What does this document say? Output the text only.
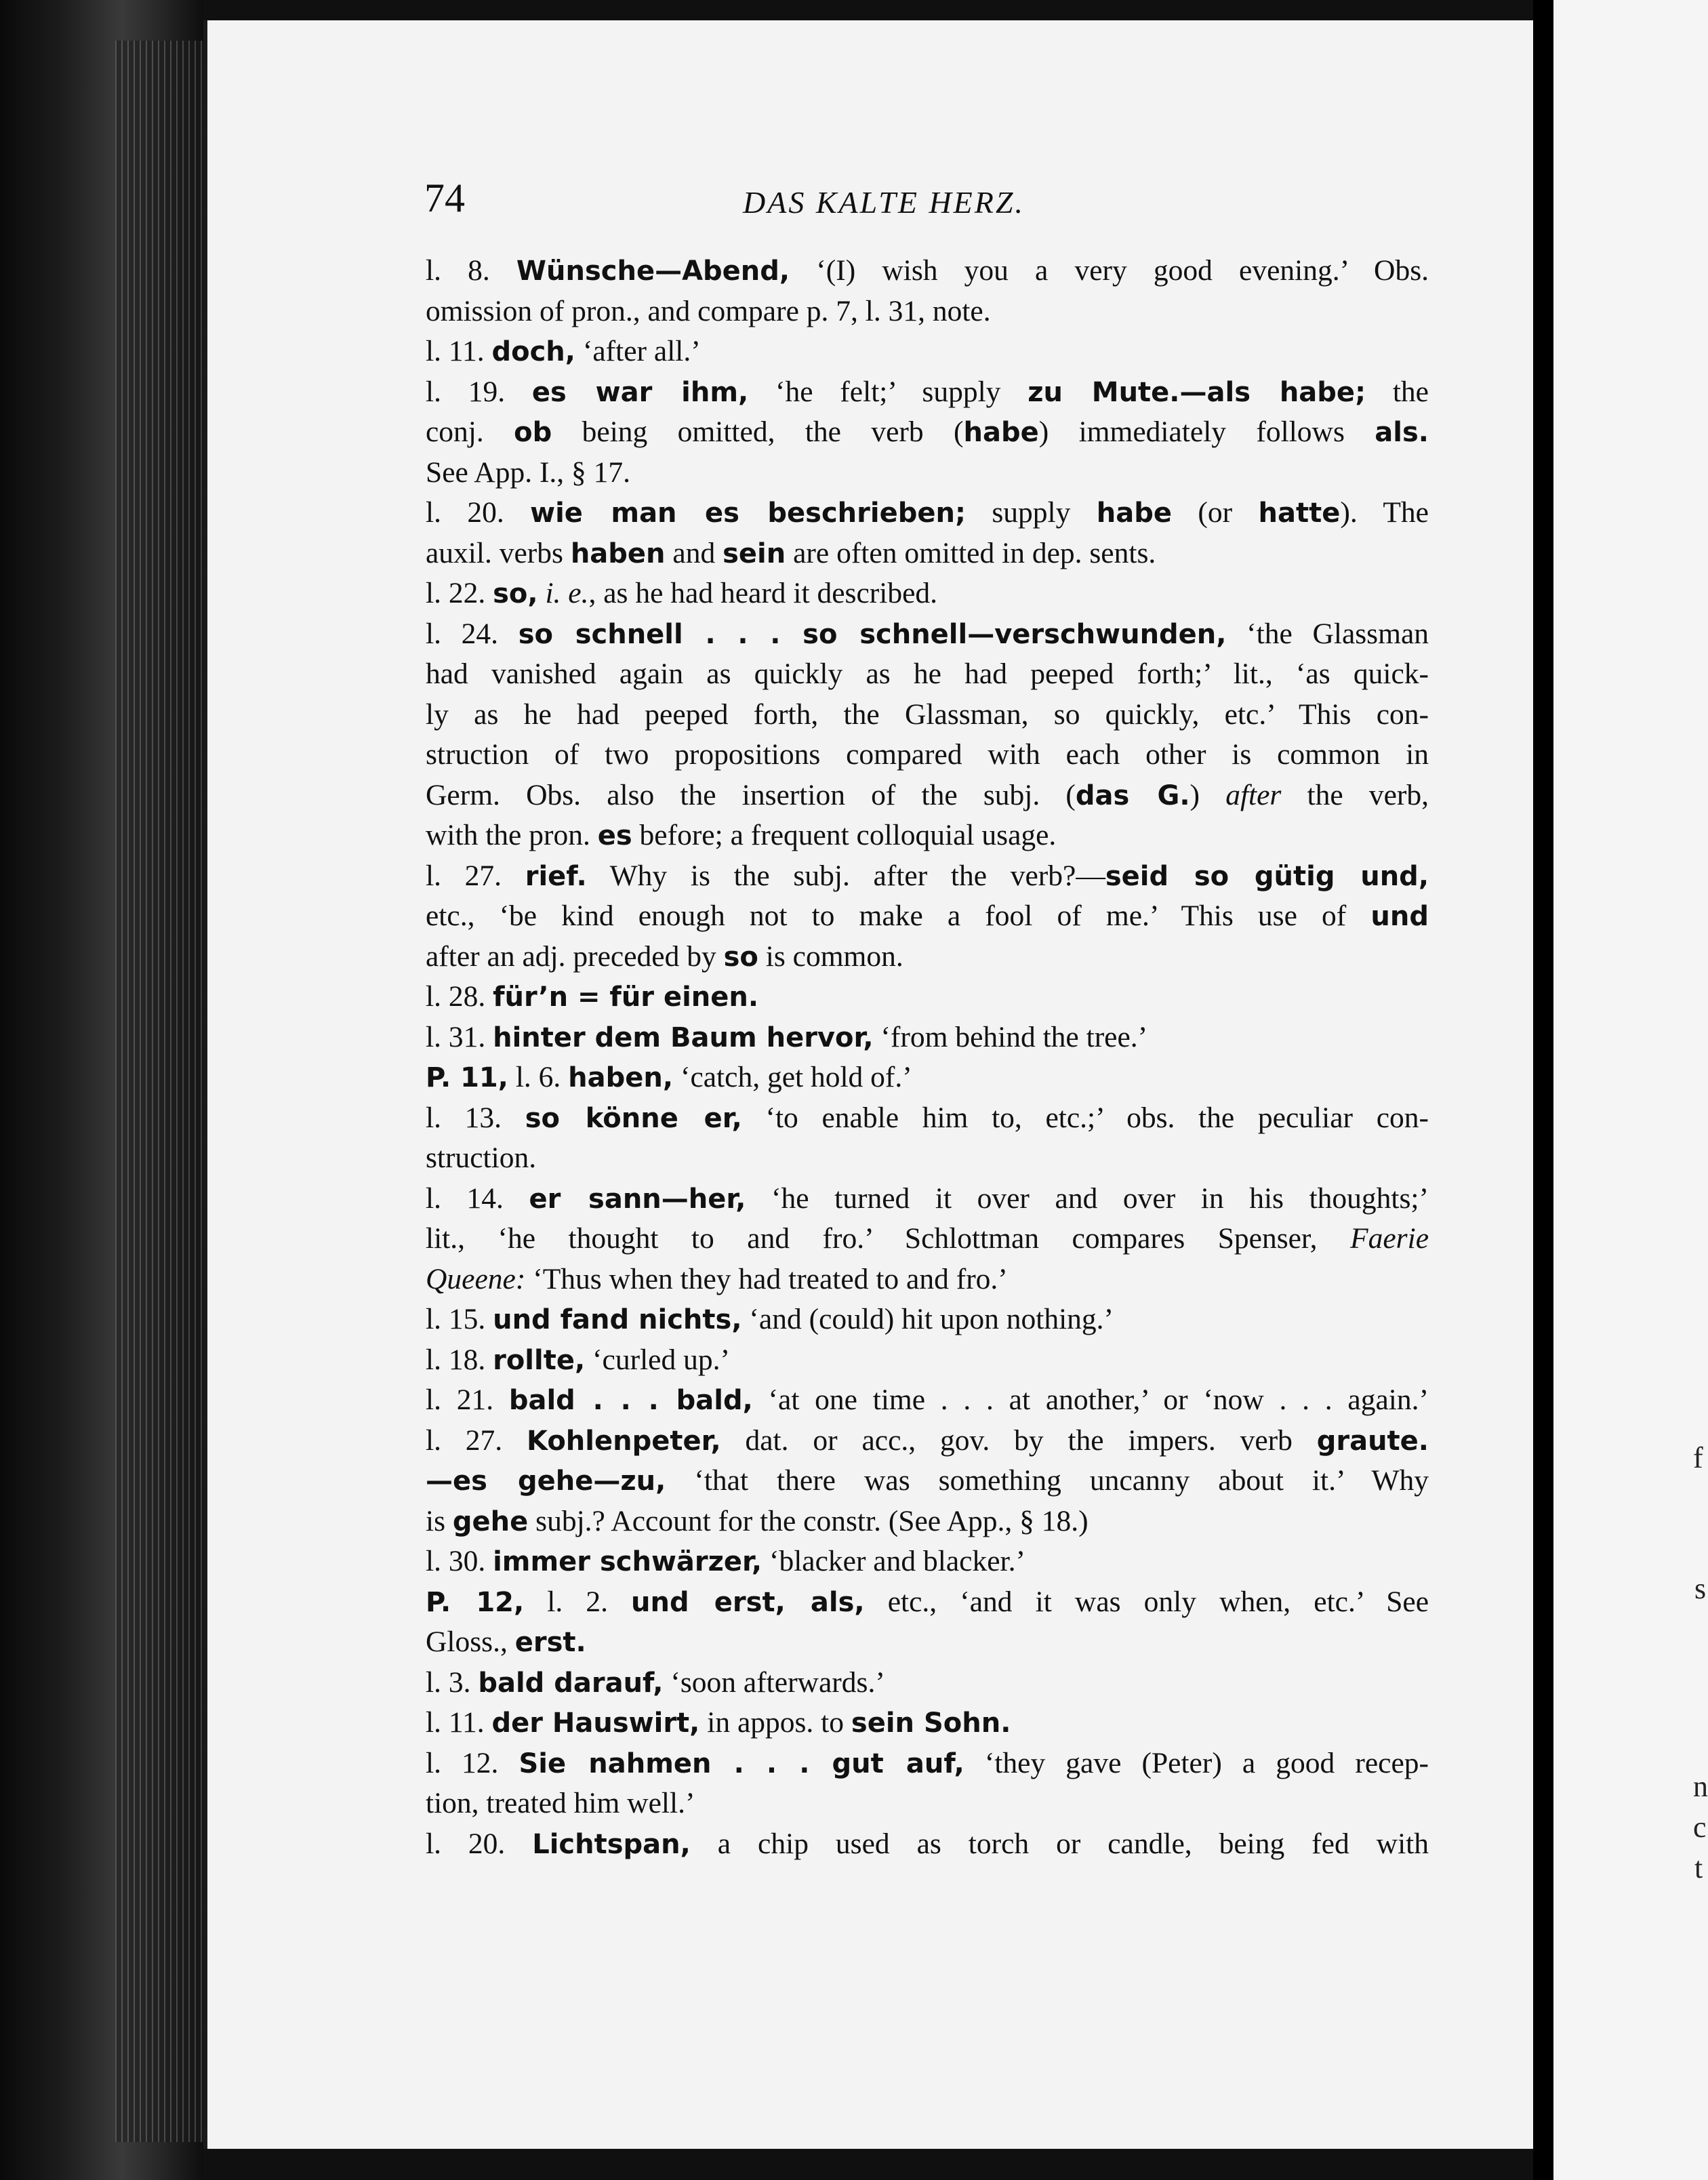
f
s
n
c
t
74	DAS KALTE HERZ.
l. 8. Wünsche—Abend, ‘(I) wish you a very good evening.’ Obs.
omission of pron., and compare p. 7, l. 31, note.
l. 11. doch, ‘after all.’
l. 19. es war ihm, ‘he felt;’ supply zu Mute.—als habe; the
conj. ob being omitted, the verb (habe) immediately follows als.
See App. I., § 17.
l. 20. wie man es beschrieben; supply habe (or hatte). The
auxil. verbs haben and sein are often omitted in dep. sents.
l. 22. so, i. e., as he had heard it described.
l. 24. so schnell . . . so schnell—verschwunden, ‘the Glassman
had vanished again as quickly as he had peeped forth;’ lit., ‘as quick-
ly as he had peeped forth, the Glassman, so quickly, etc.’ This con-
struction of two propositions compared with each other is common in
Germ. Obs. also the insertion of the subj. (das G.) after the verb,
with the pron. es before; a frequent colloquial usage.
l. 27. rief. Why is the subj. after the verb?—seid so gütig und,
etc., ‘be kind enough not to make a fool of me.’ This use of und
after an adj. preceded by so is common.
l. 28. für’n = für einen.
l. 31. hinter dem Baum hervor, ‘from behind the tree.’
P. 11, l. 6. haben, ‘catch, get hold of.’
l. 13. so könne er, ‘to enable him to, etc.;’ obs. the peculiar con-
struction.
l. 14. er sann—her, ‘he turned it over and over in his thoughts;’
lit., ‘he thought to and fro.’ Schlottman compares Spenser, Faerie
Queene: ‘Thus when they had treated to and fro.’
l. 15. und fand nichts, ‘and (could) hit upon nothing.’
l. 18. rollte, ‘curled up.’
l. 21. bald . . . bald, ‘at one time . . . at another,’ or ‘now . . . again.’
l. 27. Kohlenpeter, dat. or acc., gov. by the impers. verb graute.
—es gehe—zu, ‘that there was something uncanny about it.’ Why
is gehe subj.? Account for the constr. (See App., § 18.)
l. 30. immer schwärzer, ‘blacker and blacker.’
P. 12, l. 2. und erst, als, etc., ‘and it was only when, etc.’ See
Gloss., erst.
l. 3. bald darauf, ‘soon afterwards.’
l. 11. der Hauswirt, in appos. to sein Sohn.
l. 12. Sie nahmen . . . gut auf, ‘they gave (Peter) a good recep-
tion, treated him well.’
l. 20. Lichtspan, a chip used as torch or candle, being fed with
